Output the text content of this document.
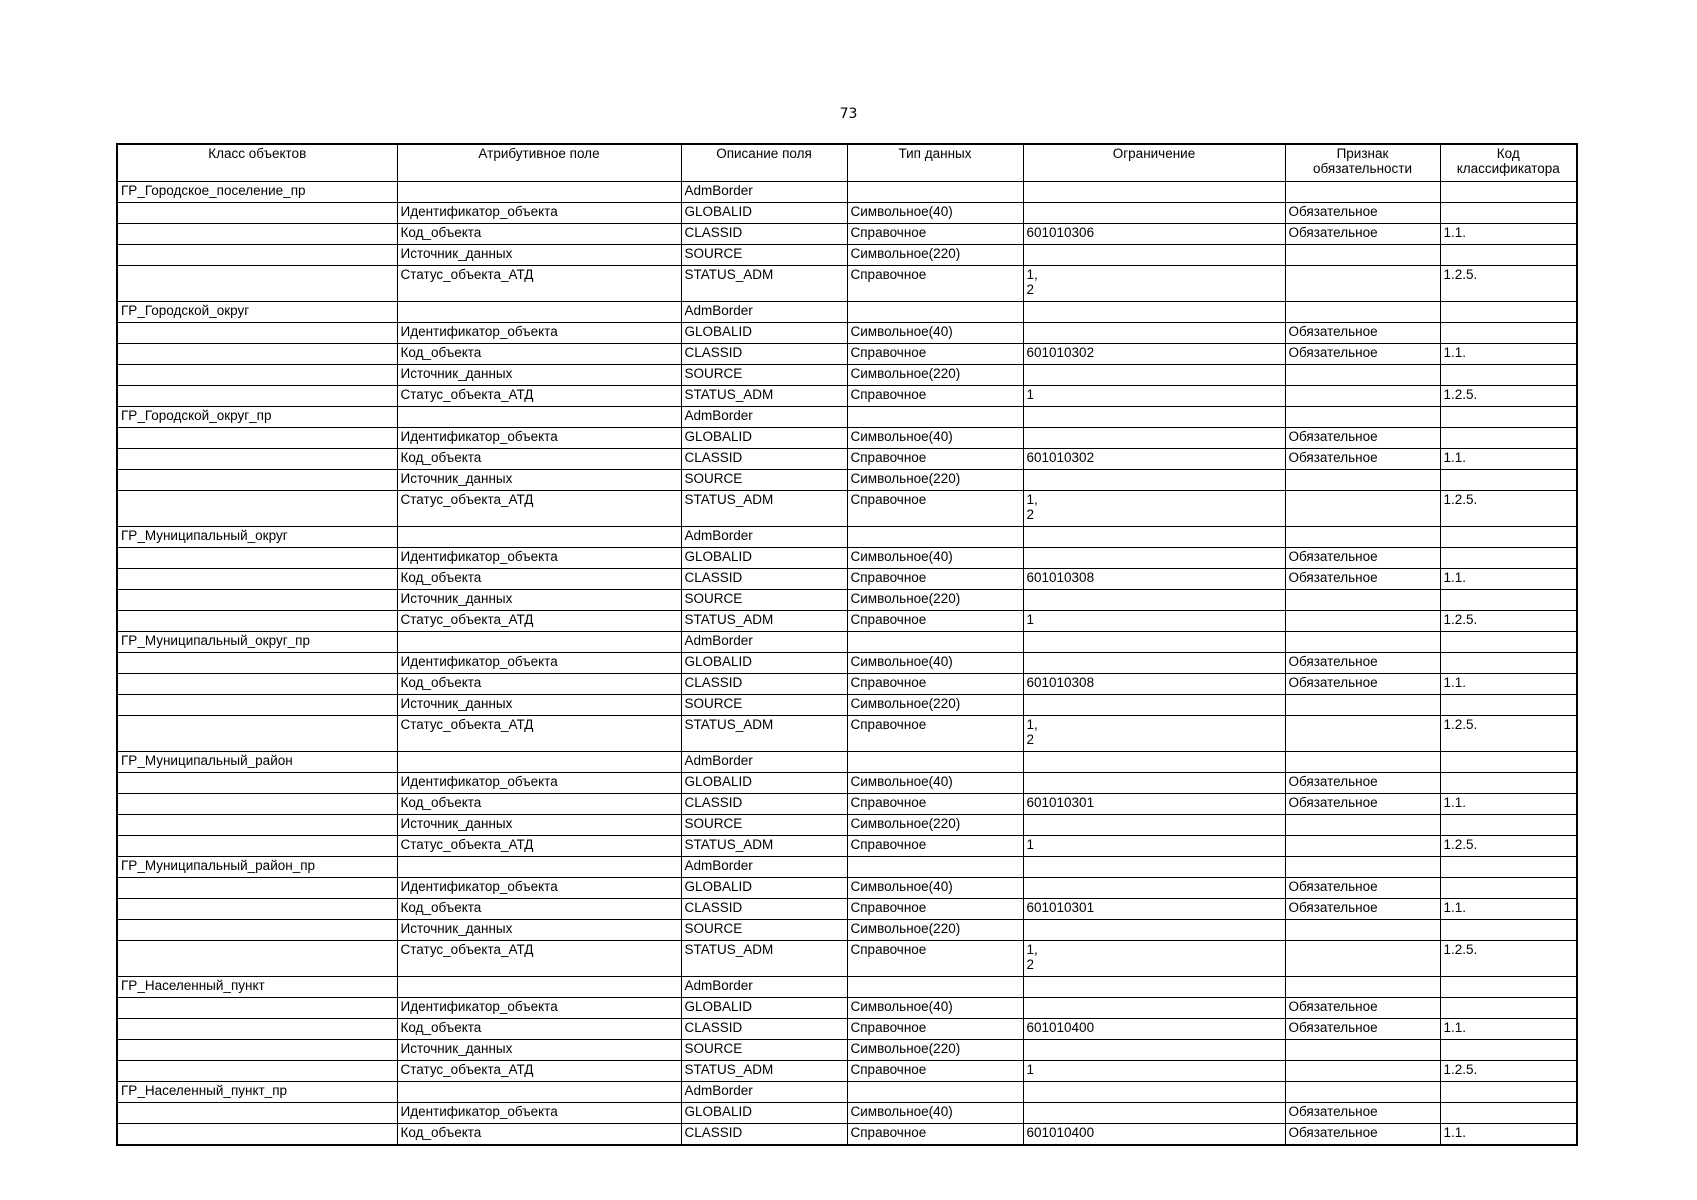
73
Класс объектов	Атрибутивное поле	Описание поля	Тип данных	Ограничение	Признак обязательности	Код классификатора
ГР_Городское_поселение_пр		AdmBorder				
	Идентификатор_объекта	GLOBALID	Символьное(40)		Обязательное	
	Код_объекта	CLASSID	Справочное	601010306	Обязательное	1.1.
	Источник_данных	SOURCE	Символьное(220)			
	Статус_объекта_АТД	STATUS_ADM	Справочное	1,
2		1.2.5.
ГР_Городской_округ		AdmBorder				
	Идентификатор_объекта	GLOBALID	Символьное(40)		Обязательное	
	Код_объекта	CLASSID	Справочное	601010302	Обязательное	1.1.
	Источник_данных	SOURCE	Символьное(220)			
	Статус_объекта_АТД	STATUS_ADM	Справочное	1		1.2.5.
ГР_Городской_округ_пр		AdmBorder				
	Идентификатор_объекта	GLOBALID	Символьное(40)		Обязательное	
	Код_объекта	CLASSID	Справочное	601010302	Обязательное	1.1.
	Источник_данных	SOURCE	Символьное(220)			
	Статус_объекта_АТД	STATUS_ADM	Справочное	1,
2		1.2.5.
ГР_Муниципальный_округ		AdmBorder				
	Идентификатор_объекта	GLOBALID	Символьное(40)		Обязательное	
	Код_объекта	CLASSID	Справочное	601010308	Обязательное	1.1.
	Источник_данных	SOURCE	Символьное(220)			
	Статус_объекта_АТД	STATUS_ADM	Справочное	1		1.2.5.
ГР_Муниципальный_округ_пр		AdmBorder				
	Идентификатор_объекта	GLOBALID	Символьное(40)		Обязательное	
	Код_объекта	CLASSID	Справочное	601010308	Обязательное	1.1.
	Источник_данных	SOURCE	Символьное(220)			
	Статус_объекта_АТД	STATUS_ADM	Справочное	1,
2		1.2.5.
ГР_Муниципальный_район		AdmBorder				
	Идентификатор_объекта	GLOBALID	Символьное(40)		Обязательное	
	Код_объекта	CLASSID	Справочное	601010301	Обязательное	1.1.
	Источник_данных	SOURCE	Символьное(220)			
	Статус_объекта_АТД	STATUS_ADM	Справочное	1		1.2.5.
ГР_Муниципальный_район_пр		AdmBorder				
	Идентификатор_объекта	GLOBALID	Символьное(40)		Обязательное	
	Код_объекта	CLASSID	Справочное	601010301	Обязательное	1.1.
	Источник_данных	SOURCE	Символьное(220)			
	Статус_объекта_АТД	STATUS_ADM	Справочное	1,
2		1.2.5.
ГР_Населенный_пункт		AdmBorder				
	Идентификатор_объекта	GLOBALID	Символьное(40)		Обязательное	
	Код_объекта	CLASSID	Справочное	601010400	Обязательное	1.1.
	Источник_данных	SOURCE	Символьное(220)			
	Статус_объекта_АТД	STATUS_ADM	Справочное	1		1.2.5.
ГР_Населенный_пункт_пр		AdmBorder				
	Идентификатор_объекта	GLOBALID	Символьное(40)		Обязательное	
	Код_объекта	CLASSID	Справочное	601010400	Обязательное	1.1.
